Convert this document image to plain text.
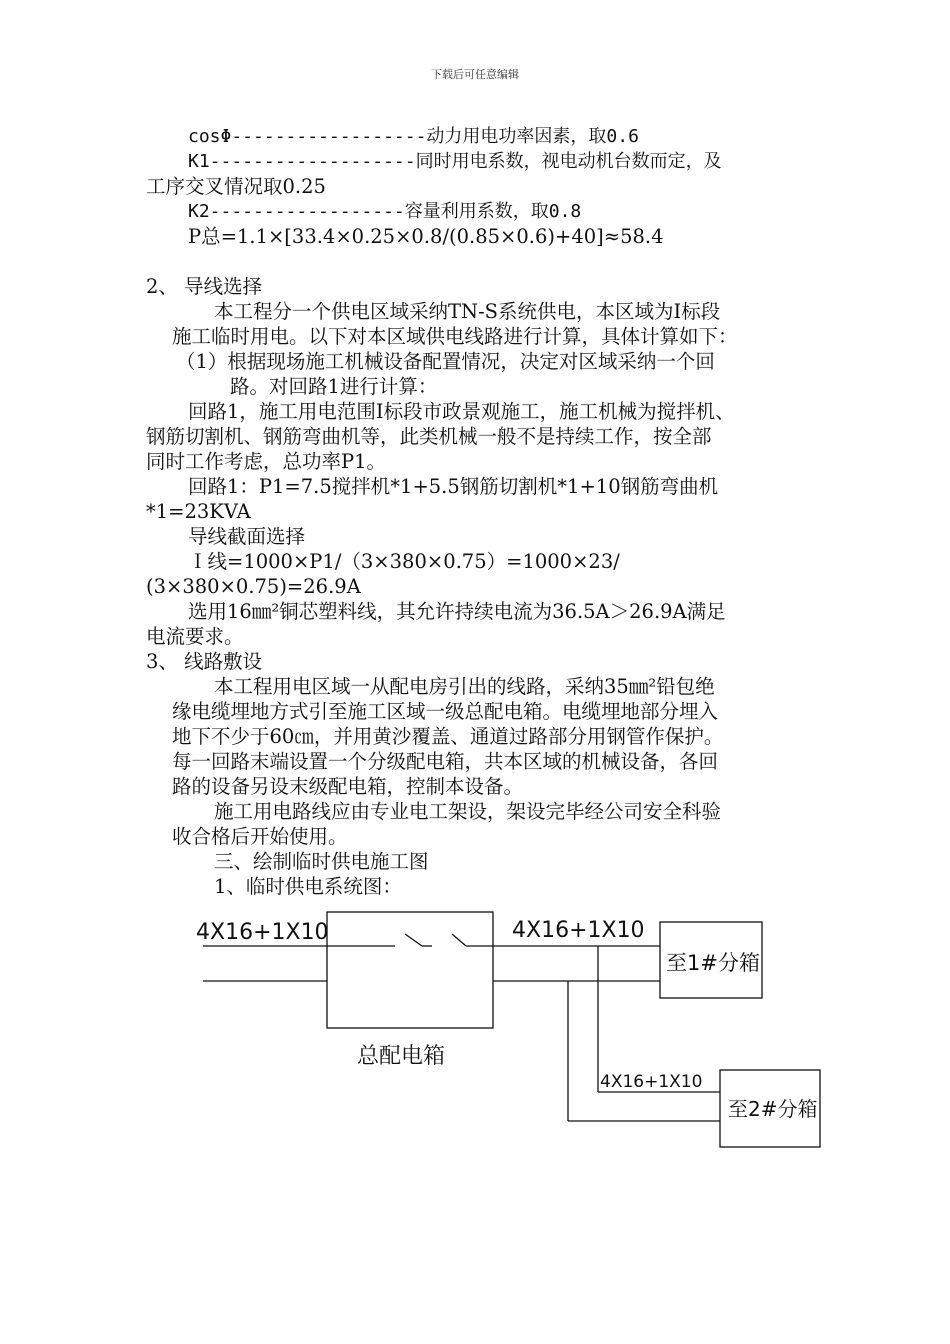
下载后可任意编辑
cosΦ------------------动力用电功率因素，取0.6
K1-------------------同时用电系数，视电动机台数而定，及
工序交叉情况取0.25
K2------------------容量利用系数，取0.8
P总=1.1×[33.4×0.25×0.8/(0.85×0.6)+40]≈58.4
2、 导线选择
本工程分一个供电区域采纳TN-S系统供电，本区域为I标段
施工临时用电。以下对本区域供电线路进行计算，具体计算如下：
（1）根据现场施工机械设备配置情况，决定对区域采纳一个回
路。对回路1进行计算：
回路1，施工用电范围I标段市政景观施工，施工机械为搅拌机、
钢筋切割机、钢筋弯曲机等，此类机械一般不是持续工作，按全部
同时工作考虑，总功率P1。
回路1：P1=7.5搅拌机*1+5.5钢筋切割机*1+10钢筋弯曲机
*1=23KVA
导线截面选择
Ｉ线=1000×P1/（3×380×0.75）=1000×23/
(3×380×0.75)=26.9A
选用16㎜²铜芯塑料线，其允许持续电流为36.5A＞26.9A满足
电流要求。
3、 线路敷设
本工程用电区域一从配电房引出的线路，采纳35㎜²铅包绝
缘电缆埋地方式引至施工区域一级总配电箱。电缆埋地部分埋入
地下不少于60㎝，并用黄沙覆盖、通道过路部分用钢管作保护。
每一回路末端设置一个分级配电箱，共本区域的机械设备，各回
路的设备另设末级配电箱，控制本设备。
施工用电路线应由专业电工架设，架设完毕经公司安全科验
收合格后开始使用。
三、绘制临时供电施工图
1、临时供电系统图：
4X16+1X10	4X16+1X10
4X16+1X10
总配电箱
至1#分箱
至2#分箱
